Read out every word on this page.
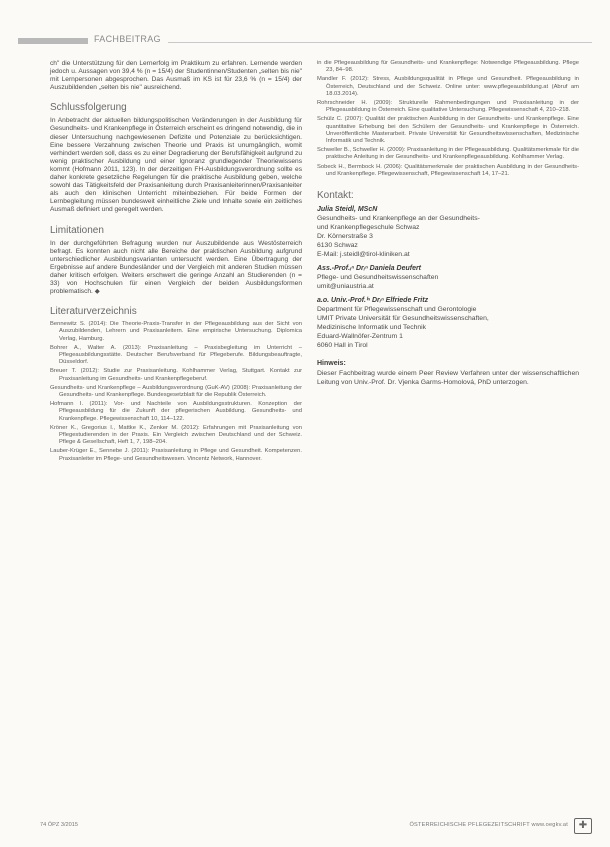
FACHBEITRAG

ch" die Unterstützung für den Lernerfolg im Praktikum zu erfahren. Lernende werden jedoch u. Aussagen von 39,4 % (n = 15/4) der Studentinnen/Studenten „selten bis nie" mit Lernpersonen abgesprochen. Das Ausmaß im KS ist für 23,6 % (n = 15/4) der Auszubildenden „selten bis nie" ausreichend.

Schlussfolgerung

In Anbetracht der aktuellen bildungspolitischen Veränderungen in der Ausbildung für Gesundheits- und Krankenpflege in Österreich erscheint es dringend notwendig, die in dieser Untersuchung nachgewiesenen Defizite und Potenziale zu berücksichtigen. Eine bessere Verzahnung zwischen Theorie und Praxis ist unumgänglich, womit verhindert werden soll, dass es zu einer Degradierung der Berufsfähigkeit aufgrund zu wenig praktischer Ausbildung und einer Ignoranz grundlegender Theoriewissens kommt (Hofmann 2011, 123). In der derzeitigen FH-Ausbildungsverordnung sollte es daher konkrete gesetzliche Regelungen für die praktische Ausbildung geben, welche sowohl das Tätigkeitsfeld der Praxisanleitung durch Praxisanleiterinnen/Praxisanleiter als auch den klinischen Unterricht miteinbeziehen. Für beide Formen der Lernbegleitung müssen bundesweit einheitliche Ziele und Inhalte sowie ein zeitliches Ausmaß definiert und geregelt werden.

Limitationen

In der durchgeführten Befragung wurden nur Auszubildende aus Westösterreich befragt. Es konnten auch nicht alle Bereiche der praktischen Ausbildung aufgrund unterschiedlicher Ausbildungsvarianten untersucht werden. Eine Übertragung der Ergebnisse auf andere Bundesländer und der Vergleich mit anderen Studien müssen daher kritisch erfolgen. Weiters erschwert die geringe Anzahl an Studierenden (n = 33) von Hochschulen für einen Vergleich der beiden Ausbildungsformen problematisch. ◆

Literaturverzeichnis
Bennewitz S. (2014): Die Theorie-Praxis-Transfer in der Pflegeausbildung aus der Sicht von Auszubildenden, Lehrern und Praxisanleitern. Eine empirische Untersuchung. Diplomica Verlag, Hamburg.
Bohrer A., Walter A. (2013): Praxisanleitung – Praxisbegleitung im Unterricht – Pflegeausbildungsstätte. Deutscher Berufsverband für Pflegeberufe. Bildungsbeauftragte, Düsseldorf.
Breuer T. (2012): Studie zur Praxisanleitung. Kohlhammer Verlag, Stuttgart. Kontakt zur Praxisanleitung im Gesundheits- und Krankenpflegeberuf.
Gesundheits- und Krankenpflege – Ausbildungsverordnung (GuK-AV) (2008): Praxisanleitung der Gesundheits- und Krankenpflege. Bundesgesetzblatt für die Republik Österreich.
Hofmann I. (2011): Vor- und Nachteile von Ausbildungsstrukturen. Konzeption der Pflegeausbildung für die Zukunft der pflegerischen Ausbildung. Gesundheits- und Krankenpflege. Pflegewissenschaft 10, 114–122.
Kröner K., Gregorius I., Mattke K., Zenker M. (2012): Erfahrungen mit Praxisanleitung von Pflegestudierenden in der Praxis. Ein Vergleich zwischen Deutschland und der Schweiz. Pflege & Gesellschaft, Heft 1, 7, 198–204.
Lauber-Krüger E., Sennebe J. (2011): Praxisanleitung in Pflege und Gesundheit. Kompetenzen. Praxisanleiter im Pflege- und Gesundheitswesen. Vincentz Network, Hannover.
in die Pflegeausbildung für Gesundheits- und Krankenpflege: Notwendige Pflegeausbildung. Pflege 23, 84–98.
Mandler F. (2012): Stress, Ausbildungsqualität in Pflege und Gesundheit. Pflegeausbildung in Österreich, Deutschland und der Schweiz. Online unter: www.pflegeausbildung.at (Abruf am 18.03.2014).
Rohrschneider H. (2009): Strukturelle Rahmenbedingungen und Praxisanleitung in der Pflegeausbildung in Österreich. Eine qualitative Untersuchung. Pflegewissenschaft 4, 210–218.
Schülz C. (2007): Qualität der praktischen Ausbildung in der Gesundheits- und Krankenpflege. Eine quantitative Erhebung bei den Schülern der Gesundheits- und Krankenpflege in Österreich. Unveröffentlichte Masterarbeit. Private Universität für Gesundheitswissenschaften, Medizinische Informatik und Technik.
Schweller B., Schweller H. (2009): Praxisanleitung in der Pflegeausbildung. Qualitätsmerkmale für die praktische Anleitung in der Gesundheits- und Krankenpflegeausbildung. Kohlhammer Verlag.
Sobeck H., Bermbock H. (2006): Qualitätsmerkmale der praktischen Ausbildung in der Gesundheits- und Krankenpflege. Pflegewissenschaft, Pflegewissenschaft 14, 17–21.
Kontakt:
Julia Steidl, MScN
Gesundheits- und Krankenpflege an der Gesundheits-
und Krankenpflegeschule Schwaz
Dr. Körnerstraße 3
6130 Schwaz
E-Mail: j.steidl@tirol-kliniken.at
Ass.-Prof.ᵢⁿ Drᵢⁿ Daniela Deufert
Pflege- und Gesundheitswissenschaften
umit@uniaustria.at
a.o. Univ.-Prof.ⁱⁿ Drᵢⁿ Elfriede Fritz
Department für Pflegewissenschaft und Gerontologie
UMIT Private Universität für Gesundheitswissenschaften,
Medizinische Informatik und Technik
Eduard-Wallnöfer-Zentrum 1
6060 Hall in Tirol
Hinweis:
Dieser Fachbeitrag wurde einem Peer Review Verfahren unter der wissenschaftlichen Leitung von Univ.-Prof. Dr. Vjenka Garms-Homolová, PhD unterzogen.
74 ÖPZ 3/2015	ÖSTERREICHISCHE PFLEGEZEITSCHRIFT www.oegkv.at	✚
